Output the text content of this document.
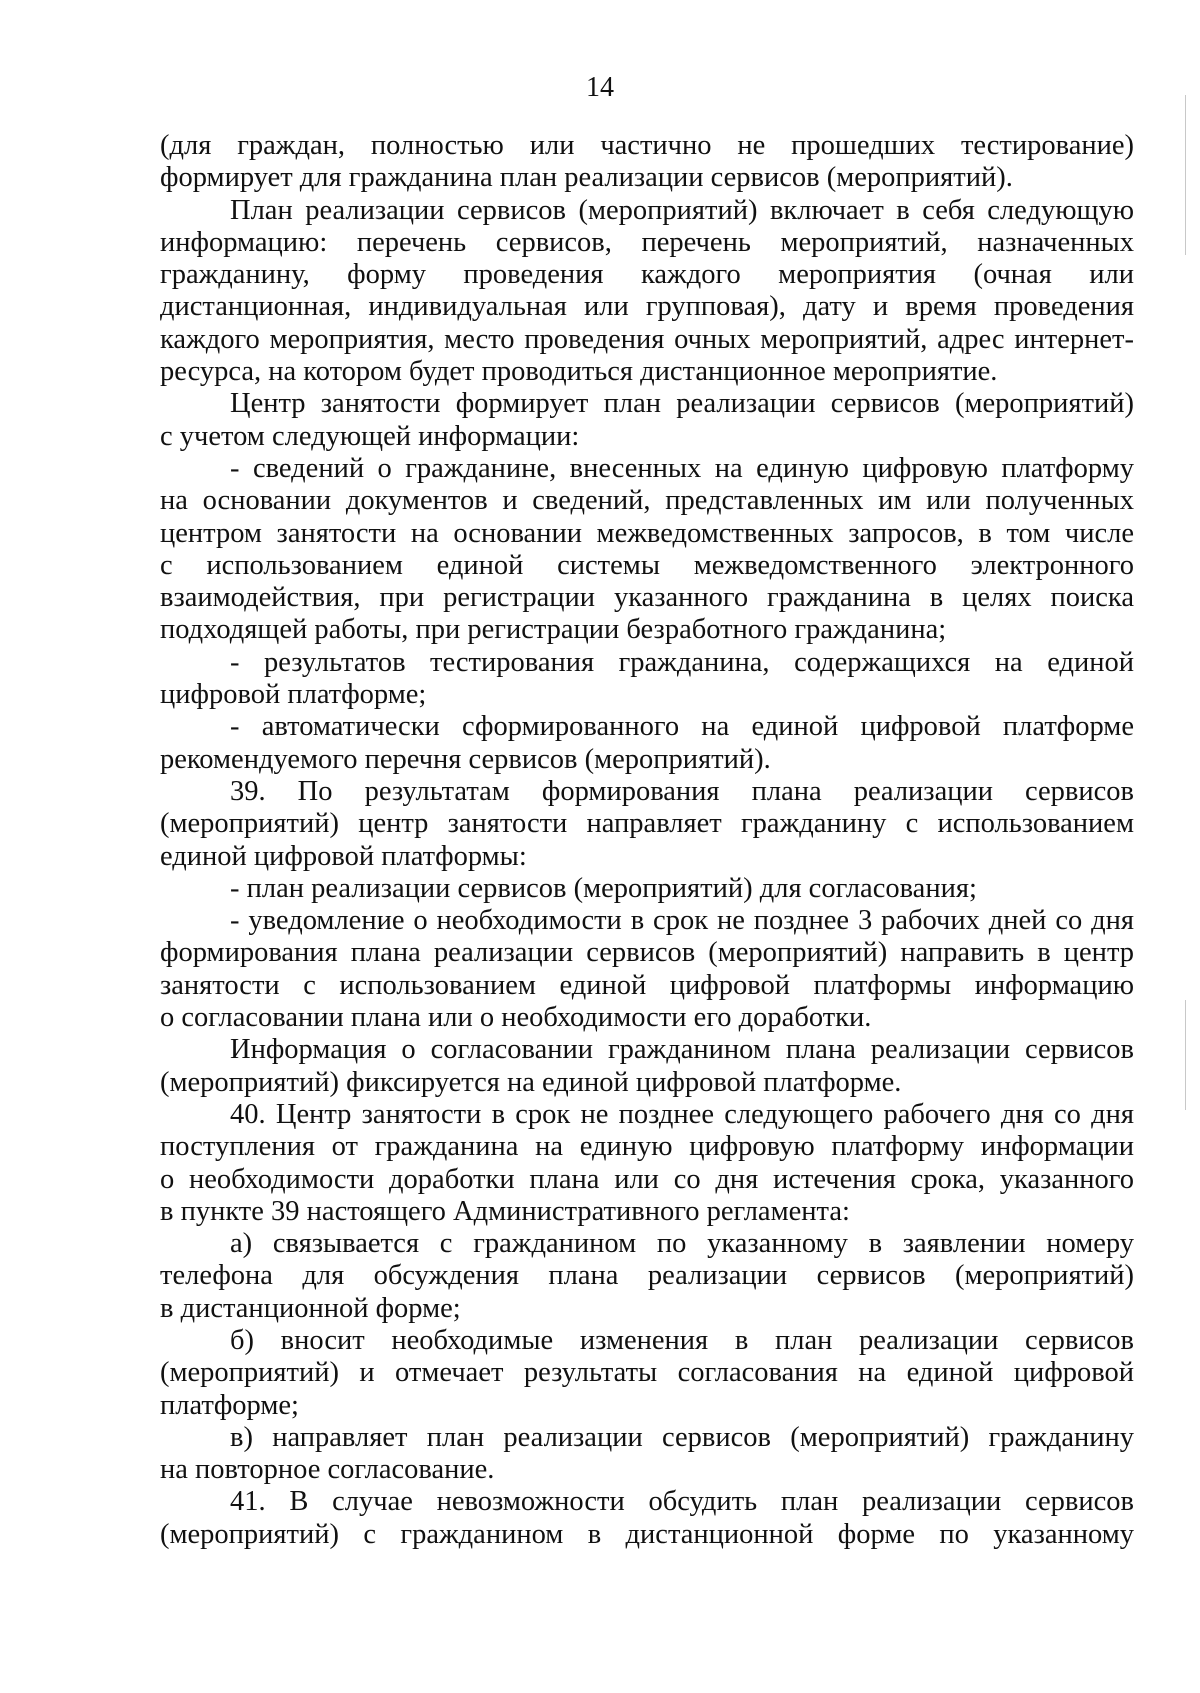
14
(для граждан, полностью или частично не прошедших тестирование)
формирует для гражданина план реализации сервисов (мероприятий).
План реализации сервисов (мероприятий) включает в себя следующую
информацию: перечень сервисов, перечень мероприятий, назначенных
гражданину, форму проведения каждого мероприятия (очная или
дистанционная, индивидуальная или групповая), дату и время проведения
каждого мероприятия, место проведения очных мероприятий, адрес интернет-
ресурса, на котором будет проводиться дистанционное мероприятие.
Центр занятости формирует план реализации сервисов (мероприятий)
с учетом следующей информации:
- сведений о гражданине, внесенных на единую цифровую платформу
на основании документов и сведений, представленных им или полученных
центром занятости на основании межведомственных запросов, в том числе
с использованием единой системы межведомственного электронного
взаимодействия, при регистрации указанного гражданина в целях поиска
подходящей работы, при регистрации безработного гражданина;
- результатов тестирования гражданина, содержащихся на единой
цифровой платформе;
- автоматически сформированного на единой цифровой платформе
рекомендуемого перечня сервисов (мероприятий).
39. По результатам формирования плана реализации сервисов
(мероприятий) центр занятости направляет гражданину с использованием
единой цифровой платформы:
- план реализации сервисов (мероприятий) для согласования;
- уведомление о необходимости в срок не позднее 3 рабочих дней со дня
формирования плана реализации сервисов (мероприятий) направить в центр
занятости с использованием единой цифровой платформы информацию
о согласовании плана или о необходимости его доработки.
Информация о согласовании гражданином плана реализации сервисов
(мероприятий) фиксируется на единой цифровой платформе.
40. Центр занятости в срок не позднее следующего рабочего дня со дня
поступления от гражданина на единую цифровую платформу информации
о необходимости доработки плана или со дня истечения срока, указанного
в пункте 39 настоящего Административного регламента:
а) связывается с гражданином по указанному в заявлении номеру
телефона для обсуждения плана реализации сервисов (мероприятий)
в дистанционной форме;
б) вносит необходимые изменения в план реализации сервисов
(мероприятий) и отмечает результаты согласования на единой цифровой
платформе;
в) направляет план реализации сервисов (мероприятий) гражданину
на повторное согласование.
41. В случае невозможности обсудить план реализации сервисов
(мероприятий) с гражданином в дистанционной форме по указанному
